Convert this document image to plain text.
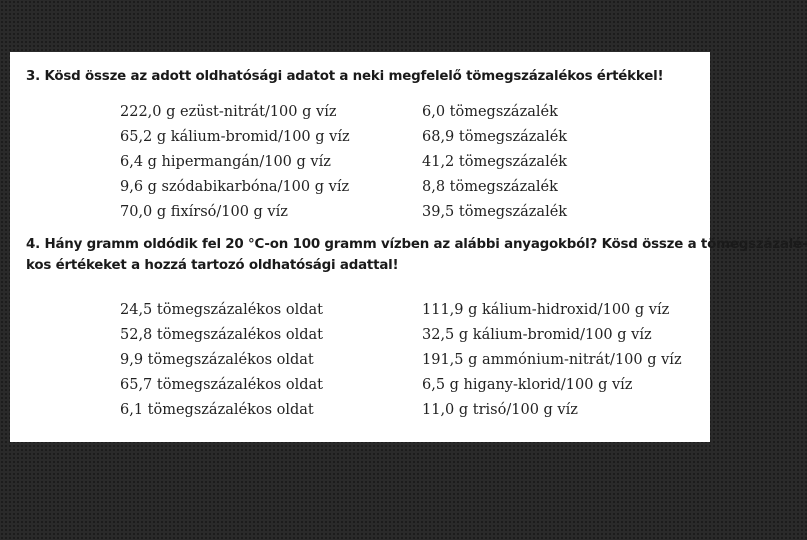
3. Kösd össze az adott oldhatósági adatot a neki megfelelő tömegszázalékos értékkel!
222,0 g ezüst-nitrát/100 g víz
65,2 g kálium-bromid/100 g víz
6,4 g hipermangán/100 g víz
9,6 g szódabikarbóna/100 g víz
70,0 g fixírsó/100 g víz
6,0 tömegszázalék
68,9 tömegszázalék
41,2 tömegszázalék
8,8 tömegszázalék
39,5 tömegszázalék
4. Hány gramm oldódik fel 20 °C-on 100 gramm vízben az alábbi anyagokból? Kösd össze a tömegszázalé-
kos értékeket a hozzá tartozó oldhatósági adattal!
24,5 tömegszázalékos oldat
52,8 tömegszázalékos oldat
9,9 tömegszázalékos oldat
65,7 tömegszázalékos oldat
6,1 tömegszázalékos oldat
111,9 g kálium-hidroxid/100 g víz
32,5 g kálium-bromid/100 g víz
191,5 g ammónium-nitrát/100 g víz
6,5 g higany-klorid/100 g víz
11,0 g trisó/100 g víz
